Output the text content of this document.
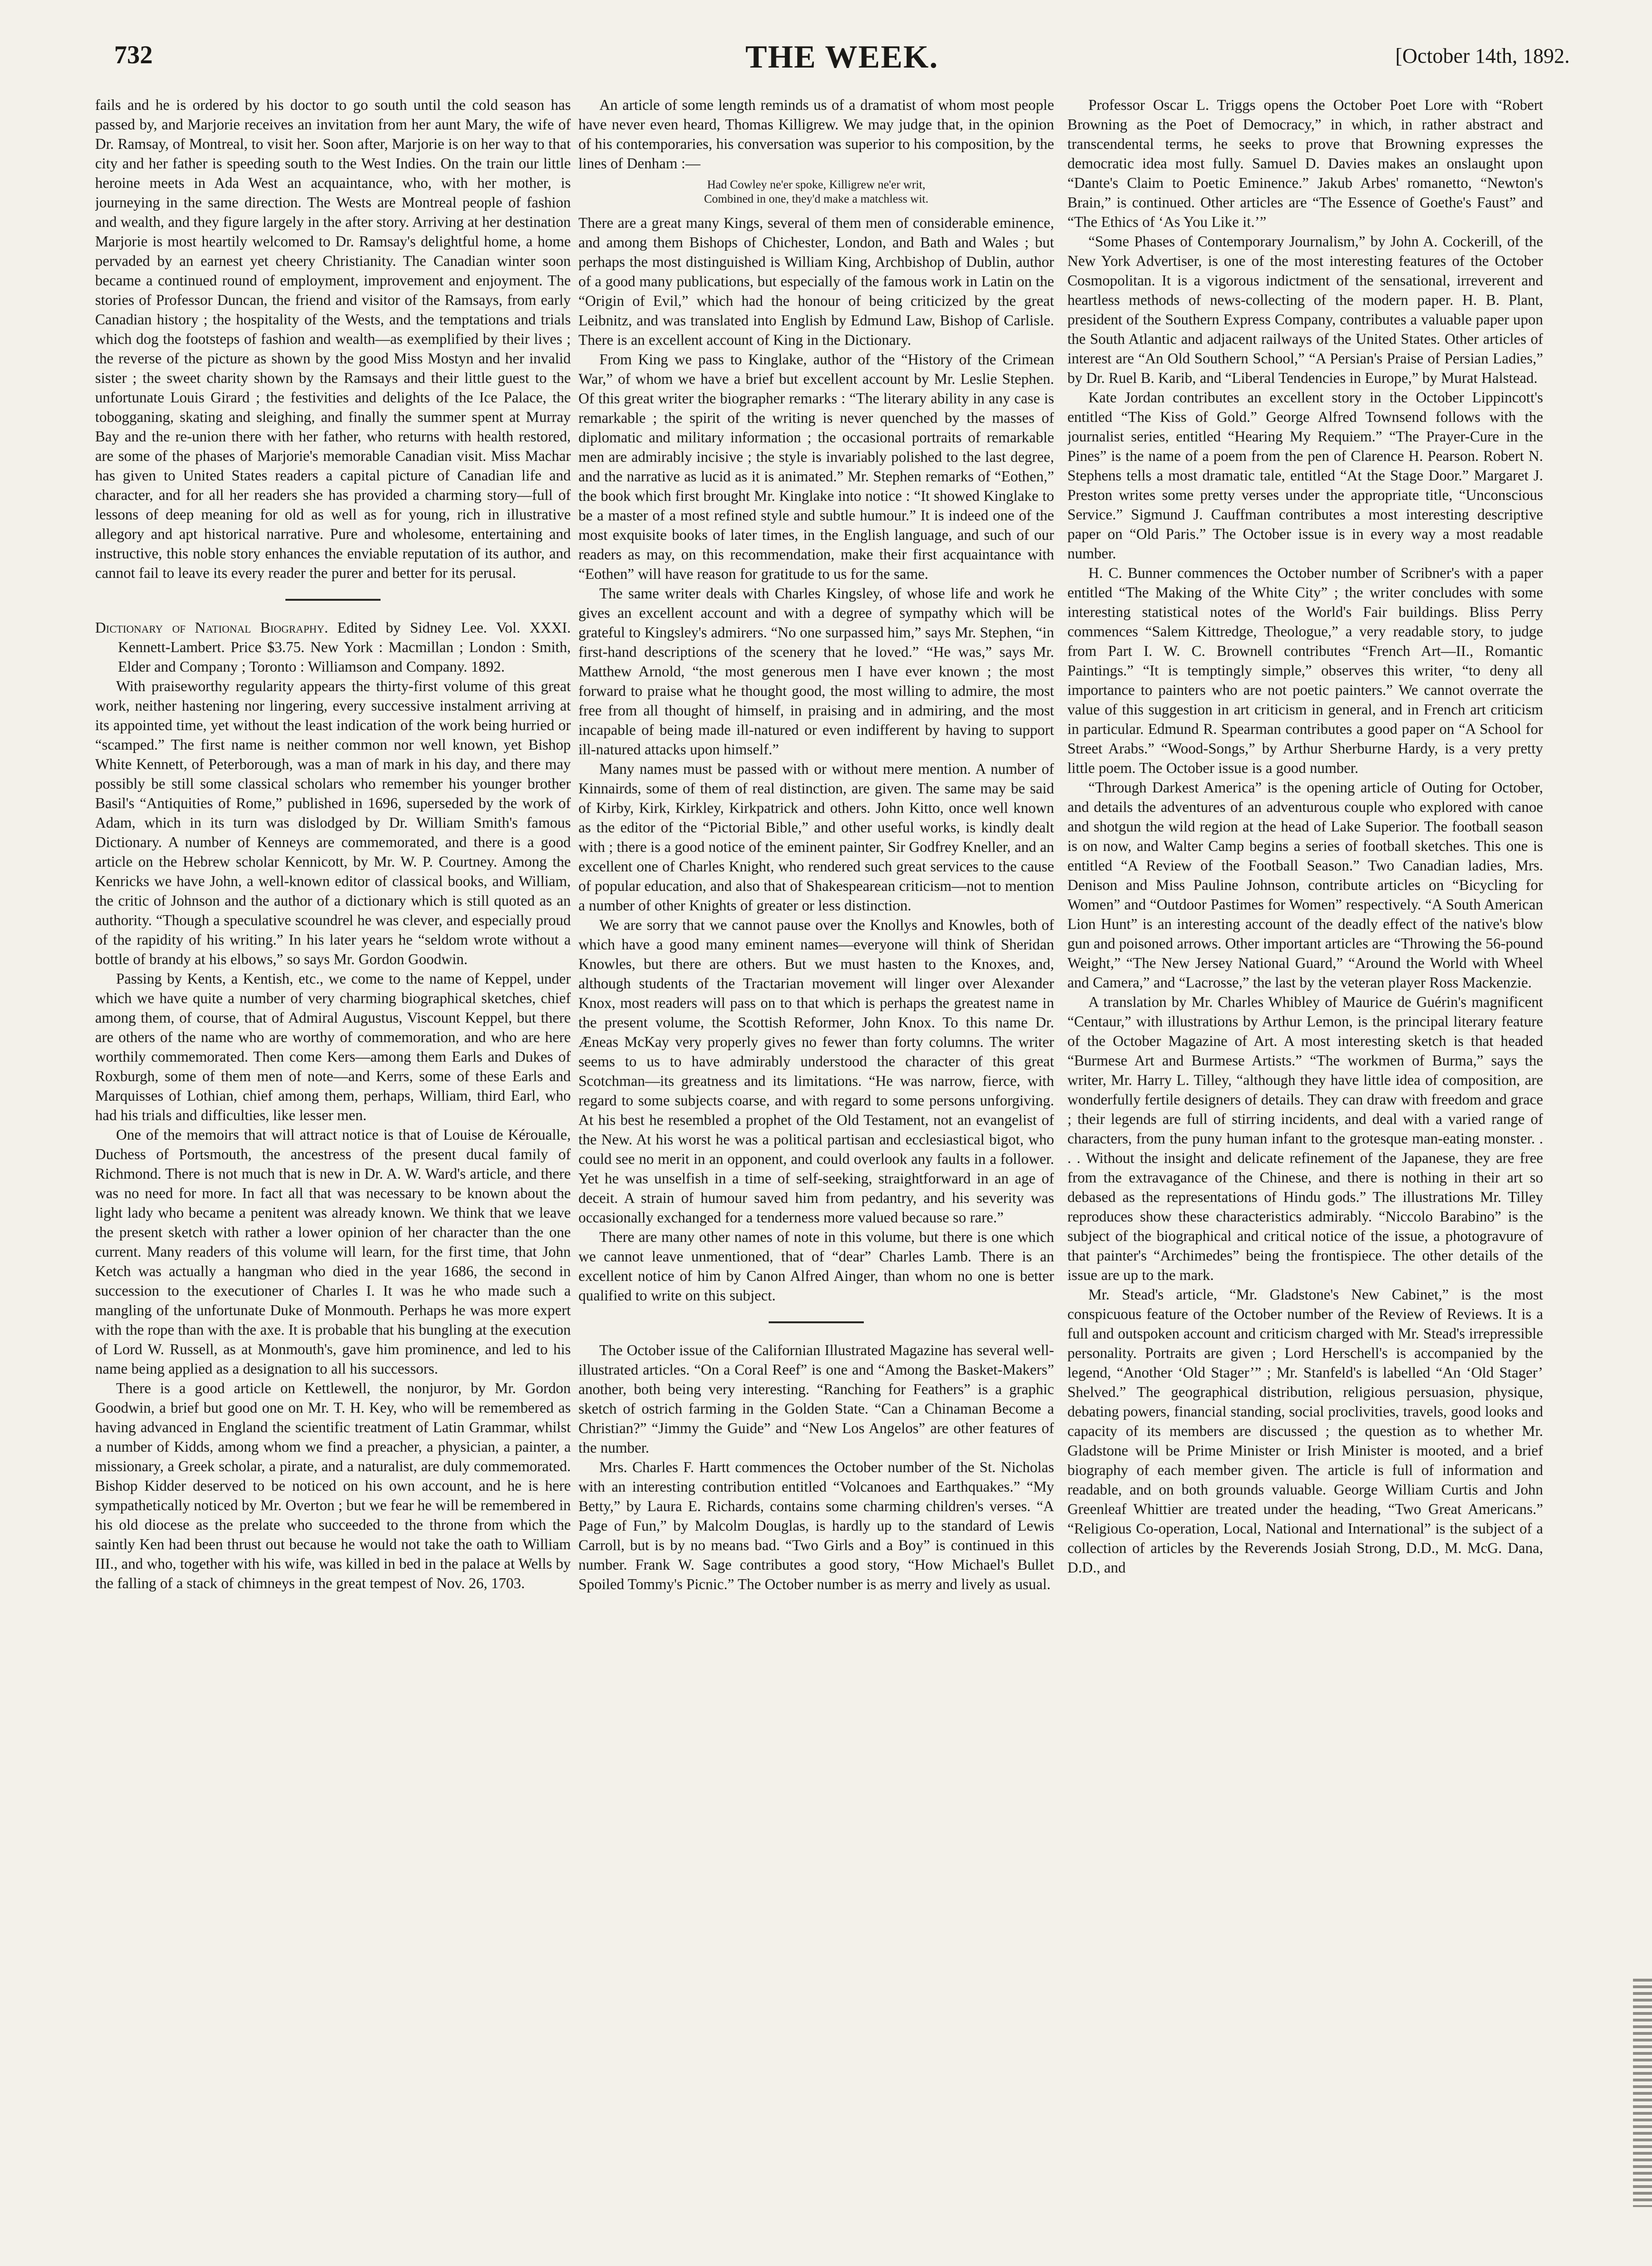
732	THE WEEK.	[October 14th, 1892.

fails and he is ordered by his doctor to go south until the cold season has passed by, and Marjorie receives an invitation from her aunt Mary, the wife of Dr. Ramsay, of Montreal, to visit her. Soon after, Marjorie is on her way to that city and her father is speeding south to the West Indies. On the train our little heroine meets in Ada West an acquaintance, who, with her mother, is journeying in the same direction. The Wests are Montreal people of fashion and wealth, and they figure largely in the after story. Arriving at her destination Marjorie is most heartily welcomed to Dr. Ramsay's delightful home, a home pervaded by an earnest yet cheery Christianity. The Canadian winter soon became a continued round of employment, improvement and enjoyment. The stories of Professor Duncan, the friend and visitor of the Ramsays, from early Canadian history ; the hospitality of the Wests, and the temptations and trials which dog the footsteps of fashion and wealth—as exemplified by their lives ; the reverse of the picture as shown by the good Miss Mostyn and her invalid sister ; the sweet charity shown by the Ramsays and their little guest to the unfortunate Louis Girard ; the festivities and delights of the Ice Palace, the tobogganing, skating and sleighing, and finally the summer spent at Murray Bay and the re-union there with her father, who returns with health restored, are some of the phases of Marjorie's memorable Canadian visit. Miss Machar has given to United States readers a capital picture of Canadian life and character, and for all her readers she has provided a charming story—full of lessons of deep meaning for old as well as for young, rich in illustrative allegory and apt historical narrative. Pure and wholesome, entertaining and instructive, this noble story enhances the enviable reputation of its author, and cannot fail to leave its every reader the purer and better for its perusal.

Dictionary of National Biography. Edited by Sidney Lee. Vol. XXXI. Kennett-Lambert. Price $3.75. New York : Macmillan ; London : Smith, Elder and Company ; Toronto : Williamson and Company. 1892.

With praiseworthy regularity appears the thirty-first volume of this great work, neither hastening nor lingering, every successive instalment arriving at its appointed time, yet without the least indication of the work being hurried or “scamped.” The first name is neither common nor well known, yet Bishop White Kennett, of Peterborough, was a man of mark in his day, and there may possibly be still some classical scholars who remember his younger brother Basil's “Antiquities of Rome,” published in 1696, superseded by the work of Adam, which in its turn was dislodged by Dr. William Smith's famous Dictionary. A number of Kenneys are commemorated, and there is a good article on the Hebrew scholar Kennicott, by Mr. W. P. Courtney. Among the Kenricks we have John, a well-known editor of classical books, and William, the critic of Johnson and the author of a dictionary which is still quoted as an authority. “Though a speculative scoundrel he was clever, and especially proud of the rapidity of his writing.” In his later years he “seldom wrote without a bottle of brandy at his elbows,” so says Mr. Gordon Goodwin.

Passing by Kents, a Kentish, etc., we come to the name of Keppel, under which we have quite a number of very charming biographical sketches, chief among them, of course, that of Admiral Augustus, Viscount Keppel, but there are others of the name who are worthy of commemoration, and who are here worthily commemorated. Then come Kers—among them Earls and Dukes of Roxburgh, some of them men of note—and Kerrs, some of these Earls and Marquisses of Lothian, chief among them, perhaps, William, third Earl, who had his trials and difficulties, like lesser men.

One of the memoirs that will attract notice is that of Louise de Kéroualle, Duchess of Portsmouth, the ancestress of the present ducal family of Richmond. There is not much that is new in Dr. A. W. Ward's article, and there was no need for more. In fact all that was necessary to be known about the light lady who became a penitent was already known. We think that we leave the present sketch with rather a lower opinion of her character than the one current. Many readers of this volume will learn, for the first time, that John Ketch was actually a hangman who died in the year 1686, the second in succession to the executioner of Charles I. It was he who made such a mangling of the unfortunate Duke of Monmouth. Perhaps he was more expert with the rope than with the axe. It is probable that his bungling at the execution of Lord W. Russell, as at Monmouth's, gave him prominence, and led to his name being applied as a designation to all his successors.

There is a good article on Kettlewell, the nonjuror, by Mr. Gordon Goodwin, a brief but good one on Mr. T. H. Key, who will be remembered as having advanced in England the scientific treatment of Latin Grammar, whilst a number of Kidds, among whom we find a preacher, a physician, a painter, a missionary, a Greek scholar, a pirate, and a naturalist, are duly commemorated. Bishop Kidder deserved to be noticed on his own account, and he is here sympathetically noticed by Mr. Overton ; but we fear he will be remembered in his old diocese as the prelate who succeeded to the throne from which the saintly Ken had been thrust out because he would not take the oath to William III., and who, together with his wife, was killed in bed in the palace at Wells by the falling of a stack of chimneys in the great tempest of Nov. 26, 1703.

An article of some length reminds us of a dramatist of whom most people have never even heard, Thomas Killigrew. We may judge that, in the opinion of his contemporaries, his conversation was superior to his composition, by the lines of Denham :—

Had Cowley ne'er spoke, Killigrew ne'er writ,
Combined in one, they'd make a matchless wit.

There are a great many Kings, several of them men of considerable eminence, and among them Bishops of Chichester, London, and Bath and Wales ; but perhaps the most distinguished is William King, Archbishop of Dublin, author of a good many publications, but especially of the famous work in Latin on the “Origin of Evil,” which had the honour of being criticized by the great Leibnitz, and was translated into English by Edmund Law, Bishop of Carlisle. There is an excellent account of King in the Dictionary.

From King we pass to Kinglake, author of the “History of the Crimean War,” of whom we have a brief but excellent account by Mr. Leslie Stephen. Of this great writer the biographer remarks : “The literary ability in any case is remarkable ; the spirit of the writing is never quenched by the masses of diplomatic and military information ; the occasional portraits of remarkable men are admirably incisive ; the style is invariably polished to the last degree, and the narrative as lucid as it is animated.” Mr. Stephen remarks of “Eothen,” the book which first brought Mr. Kinglake into notice : “It showed Kinglake to be a master of a most refined style and subtle humour.” It is indeed one of the most exquisite books of later times, in the English language, and such of our readers as may, on this recommendation, make their first acquaintance with “Eothen” will have reason for gratitude to us for the same.

The same writer deals with Charles Kingsley, of whose life and work he gives an excellent account and with a degree of sympathy which will be grateful to Kingsley's admirers. “No one surpassed him,” says Mr. Stephen, “in first-hand descriptions of the scenery that he loved.” “He was,” says Mr. Matthew Arnold, “the most generous men I have ever known ; the most forward to praise what he thought good, the most willing to admire, the most free from all thought of himself, in praising and in admiring, and the most incapable of being made ill-natured or even indifferent by having to support ill-natured attacks upon himself.”

Many names must be passed with or without mere mention. A number of Kinnairds, some of them of real distinction, are given. The same may be said of Kirby, Kirk, Kirkley, Kirkpatrick and others. John Kitto, once well known as the editor of the “Pictorial Bible,” and other useful works, is kindly dealt with ; there is a good notice of the eminent painter, Sir Godfrey Kneller, and an excellent one of Charles Knight, who rendered such great services to the cause of popular education, and also that of Shakespearean criticism—not to mention a number of other Knights of greater or less distinction.

We are sorry that we cannot pause over the Knollys and Knowles, both of which have a good many eminent names—everyone will think of Sheridan Knowles, but there are others. But we must hasten to the Knoxes, and, although students of the Tractarian movement will linger over Alexander Knox, most readers will pass on to that which is perhaps the greatest name in the present volume, the Scottish Reformer, John Knox. To this name Dr. Æneas McKay very properly gives no fewer than forty columns. The writer seems to us to have admirably understood the character of this great Scotchman—its greatness and its limitations. “He was narrow, fierce, with regard to some subjects coarse, and with regard to some persons unforgiving. At his best he resembled a prophet of the Old Testament, not an evangelist of the New. At his worst he was a political partisan and ecclesiastical bigot, who could see no merit in an opponent, and could overlook any faults in a follower. Yet he was unselfish in a time of self-seeking, straightforward in an age of deceit. A strain of humour saved him from pedantry, and his severity was occasionally exchanged for a tenderness more valued because so rare.”

There are many other names of note in this volume, but there is one which we cannot leave unmentioned, that of “dear” Charles Lamb. There is an excellent notice of him by Canon Alfred Ainger, than whom no one is better qualified to write on this subject.

The October issue of the Californian Illustrated Magazine has several well-illustrated articles. “On a Coral Reef” is one and “Among the Basket-Makers” another, both being very interesting. “Ranching for Feathers” is a graphic sketch of ostrich farming in the Golden State. “Can a Chinaman Become a Christian?” “Jimmy the Guide” and “New Los Angelos” are other features of the number.

Mrs. Charles F. Hartt commences the October number of the St. Nicholas with an interesting contribution entitled “Volcanoes and Earthquakes.” “My Betty,” by Laura E. Richards, contains some charming children's verses. “A Page of Fun,” by Malcolm Douglas, is hardly up to the standard of Lewis Carroll, but is by no means bad. “Two Girls and a Boy” is continued in this number. Frank W. Sage contributes a good story, “How Michael's Bullet Spoiled Tommy's Picnic.” The October number is as merry and lively as usual.

Professor Oscar L. Triggs opens the October Poet Lore with “Robert Browning as the Poet of Democracy,” in which, in rather abstract and transcendental terms, he seeks to prove that Browning expresses the democratic idea most fully. Samuel D. Davies makes an onslaught upon “Dante's Claim to Poetic Eminence.” Jakub Arbes' romanetto, “Newton's Brain,” is continued. Other articles are “The Essence of Goethe's Faust” and “The Ethics of ‘As You Like it.’”

“Some Phases of Contemporary Journalism,” by John A. Cockerill, of the New York Advertiser, is one of the most interesting features of the October Cosmopolitan. It is a vigorous indictment of the sensational, irreverent and heartless methods of news-collecting of the modern paper. H. B. Plant, president of the Southern Express Company, contributes a valuable paper upon the South Atlantic and adjacent railways of the United States. Other articles of interest are “An Old Southern School,” “A Persian's Praise of Persian Ladies,” by Dr. Ruel B. Karib, and “Liberal Tendencies in Europe,” by Murat Halstead.

Kate Jordan contributes an excellent story in the October Lippincott's entitled “The Kiss of Gold.” George Alfred Townsend follows with the journalist series, entitled “Hearing My Requiem.” “The Prayer-Cure in the Pines” is the name of a poem from the pen of Clarence H. Pearson. Robert N. Stephens tells a most dramatic tale, entitled “At the Stage Door.” Margaret J. Preston writes some pretty verses under the appropriate title, “Unconscious Service.” Sigmund J. Cauffman contributes a most interesting descriptive paper on “Old Paris.” The October issue is in every way a most readable number.

H. C. Bunner commences the October number of Scribner's with a paper entitled “The Making of the White City” ; the writer concludes with some interesting statistical notes of the World's Fair buildings. Bliss Perry commences “Salem Kittredge, Theologue,” a very readable story, to judge from Part I. W. C. Brownell contributes “French Art—II., Romantic Paintings.” “It is temptingly simple,” observes this writer, “to deny all importance to painters who are not poetic painters.” We cannot overrate the value of this suggestion in art criticism in general, and in French art criticism in particular. Edmund R. Spearman contributes a good paper on “A School for Street Arabs.” “Wood-Songs,” by Arthur Sherburne Hardy, is a very pretty little poem. The October issue is a good number.

“Through Darkest America” is the opening article of Outing for October, and details the adventures of an adventurous couple who explored with canoe and shotgun the wild region at the head of Lake Superior. The football season is on now, and Walter Camp begins a series of football sketches. This one is entitled “A Review of the Football Season.” Two Canadian ladies, Mrs. Denison and Miss Pauline Johnson, contribute articles on “Bicycling for Women” and “Outdoor Pastimes for Women” respectively. “A South American Lion Hunt” is an interesting account of the deadly effect of the native's blow gun and poisoned arrows. Other important articles are “Throwing the 56-pound Weight,” “The New Jersey National Guard,” “Around the World with Wheel and Camera,” and “Lacrosse,” the last by the veteran player Ross Mackenzie.

A translation by Mr. Charles Whibley of Maurice de Guérin's magnificent “Centaur,” with illustrations by Arthur Lemon, is the principal literary feature of the October Magazine of Art. A most interesting sketch is that headed “Burmese Art and Burmese Artists.” “The workmen of Burma,” says the writer, Mr. Harry L. Tilley, “although they have little idea of composition, are wonderfully fertile designers of details. They can draw with freedom and grace ; their legends are full of stirring incidents, and deal with a varied range of characters, from the puny human infant to the grotesque man-eating monster. . . . Without the insight and delicate refinement of the Japanese, they are free from the extravagance of the Chinese, and there is nothing in their art so debased as the representations of Hindu gods.” The illustrations Mr. Tilley reproduces show these characteristics admirably. “Niccolo Barabino” is the subject of the biographical and critical notice of the issue, a photogravure of that painter's “Archimedes” being the frontispiece. The other details of the issue are up to the mark.

Mr. Stead's article, “Mr. Gladstone's New Cabinet,” is the most conspicuous feature of the October number of the Review of Reviews. It is a full and outspoken account and criticism charged with Mr. Stead's irrepressible personality. Portraits are given ; Lord Herschell's is accompanied by the legend, “Another ‘Old Stager’” ; Mr. Stanfeld's is labelled “An ‘Old Stager’ Shelved.” The geographical distribution, religious persuasion, physique, debating powers, financial standing, social proclivities, travels, good looks and capacity of its members are discussed ; the question as to whether Mr. Gladstone will be Prime Minister or Irish Minister is mooted, and a brief biography of each member given. The article is full of information and readable, and on both grounds valuable. George William Curtis and John Greenleaf Whittier are treated under the heading, “Two Great Americans.” “Religious Co-operation, Local, National and International” is the subject of a collection of articles by the Reverends Josiah Strong, D.D., M. McG. Dana, D.D., and
